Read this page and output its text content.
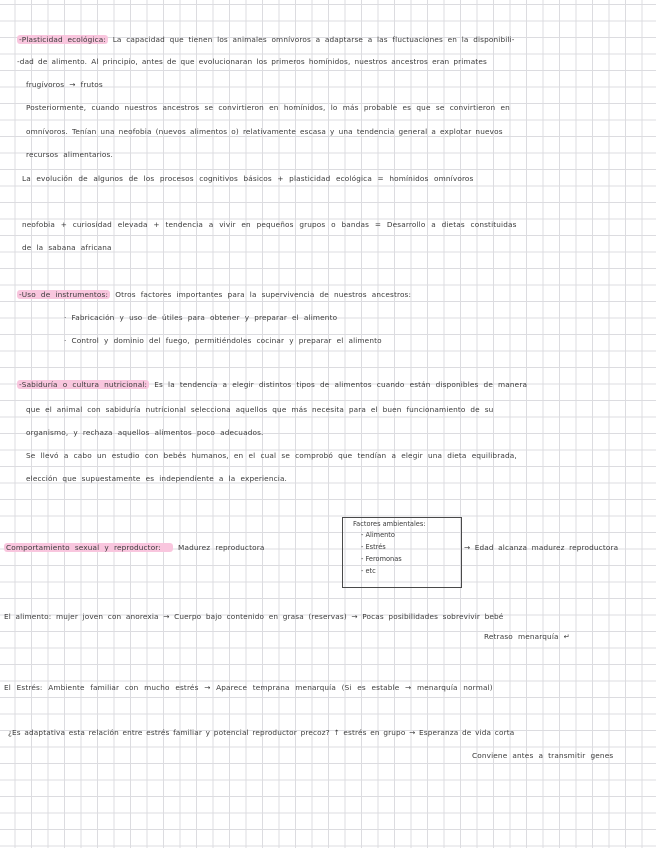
-Plasticidad ecológica: La capacidad que tienen los animales omnívoros a adaptarse a las fluctuaciones en la disponibili-
-dad de alimento. Al principio, antes de que evolucionaran los primeros homínidos, nuestros ancestros eran primates
frugívoros → frutos
Posteriormente, cuando nuestros ancestros se convirtieron en homínidos, lo más probable es que se convirtieron en
omnívoros. Tenían una neofobia (nuevos alimentos o) relativamente escasa y una tendencia general a explotar nuevos
recursos alimentarios.
La evolución de algunos de los procesos cognitivos básicos + plasticidad ecológica = homínidos omnívoros
neofobia + curiosidad elevada + tendencia a vivir en pequeños grupos o bandas = Desarrollo a dietas constituidas
de la sabana africana
-Uso de instrumentos: Otros factores importantes para la supervivencia de nuestros ancestros:
· Fabricación y uso de útiles para obtener y preparar el alimento
· Control y dominio del fuego, permitiéndoles cocinar y preparar el alimento
-Sabiduría o cultura nutricional: Es la tendencia a elegir distintos tipos de alimentos cuando están disponibles de manera
que el animal con sabiduría nutricional selecciona aquellos que más necesita para el buen funcionamiento de su
organismo, y rechaza aquellos alimentos poco adecuados.
Se llevó a cabo un estudio con bebés humanos, en el cual se comprobó que tendían a elegir una dieta equilibrada,
elección que supuestamente es independiente a la experiencia.
Comportamiento sexual y reproductor: Madurez reproductora
Factores ambientales:
- Alimento
- Estrés
- Feromonas
- etc
→ Edad alcanza madurez reproductora
El alimento: mujer joven con anorexia → Cuerpo bajo contenido en grasa (reservas) → Pocas posibilidades sobrevivir bebé
Retraso menarquía ↵
El Estrés: Ambiente familiar con mucho estrés → Aparece temprana menarquía (Si es estable → menarquía normal)
¿Es adaptativa esta relación entre estrés familiar y potencial reproductor precoz? ↑ estrés en grupo → Esperanza de vida corta
Conviene antes a transmitir genes
